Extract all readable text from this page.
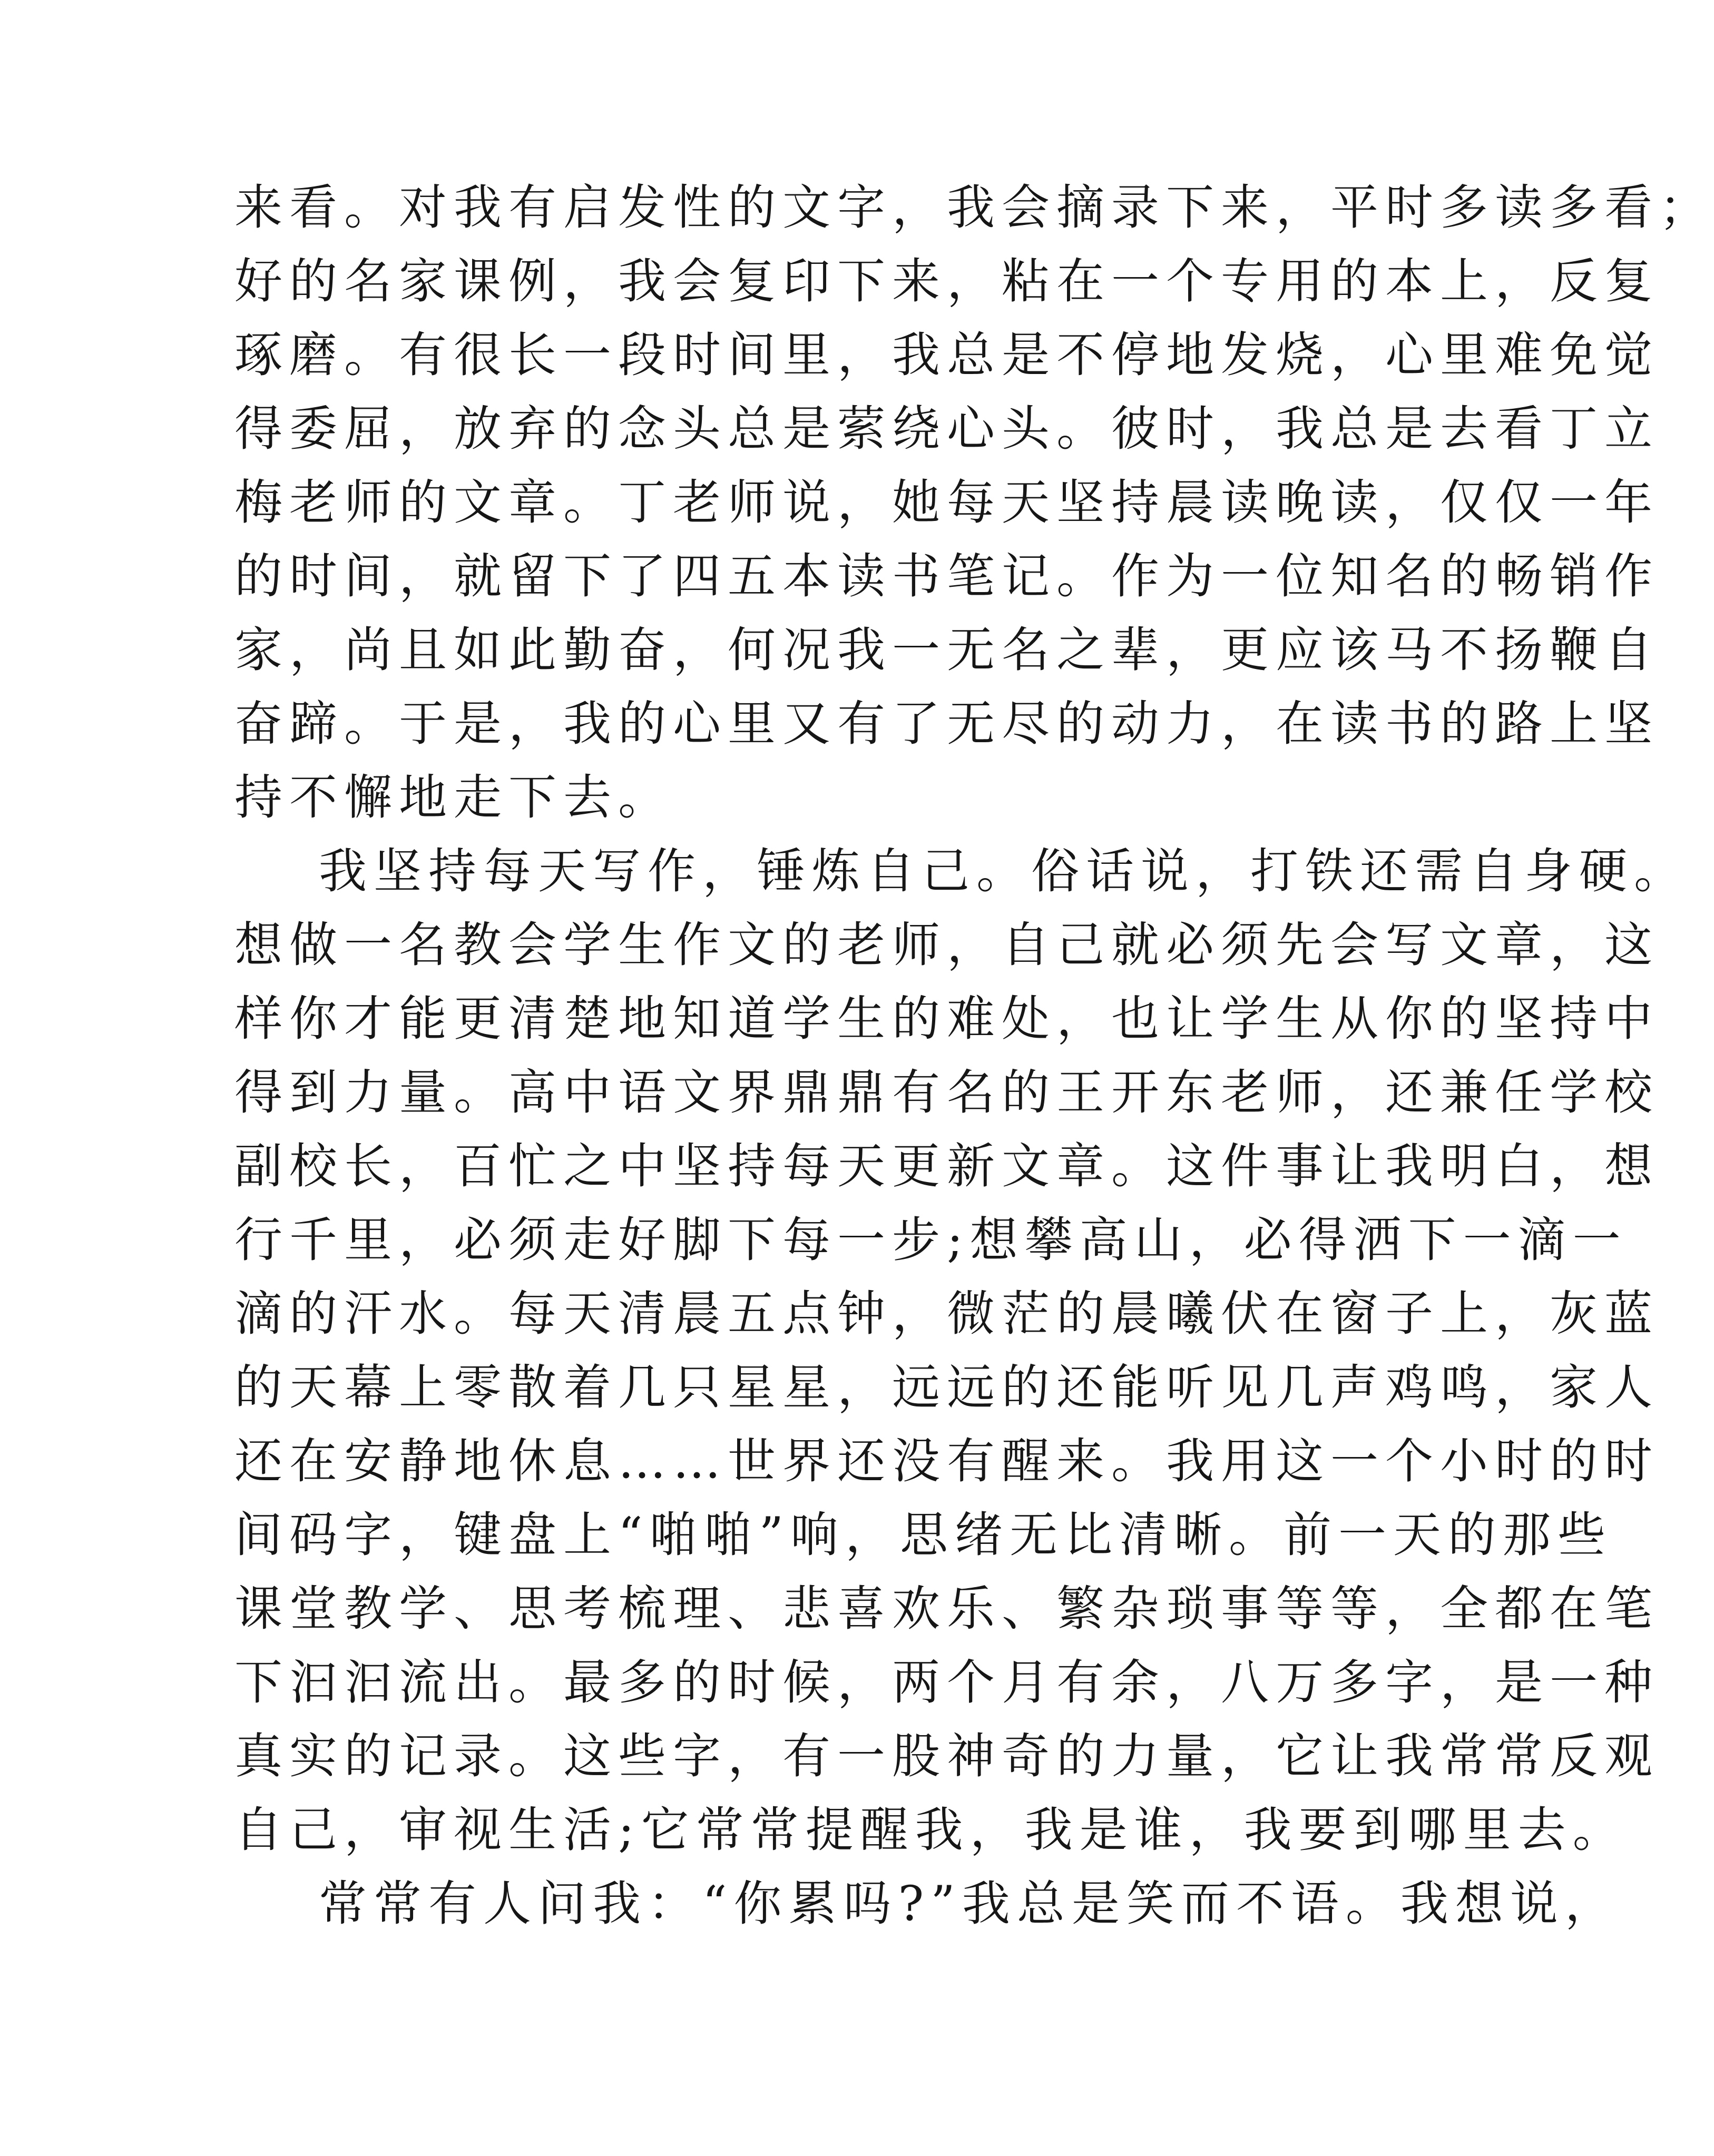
来看。对我有启发性的文字，我会摘录下来，平时多读多看；

好的名家课例，我会复印下来，粘在一个专用的本上，反复

琢磨。有很长一段时间里，我总是不停地发烧，心里难免觉

得委屈，放弃的念头总是萦绕心头。彼时，我总是去看丁立

梅老师的文章。丁老师说，她每天坚持晨读晚读，仅仅一年

的时间，就留下了四五本读书笔记。作为一位知名的畅销作

家，尚且如此勤奋，何况我一无名之辈，更应该马不扬鞭自

奋蹄。于是，我的心里又有了无尽的动力，在读书的路上坚

持不懈地走下去。

我坚持每天写作，锤炼自己。俗话说，打铁还需自身硬。

想做一名教会学生作文的老师，自己就必须先会写文章，这

样你才能更清楚地知道学生的难处，也让学生从你的坚持中

得到力量。高中语文界鼎鼎有名的王开东老师，还兼任学校

副校长，百忙之中坚持每天更新文章。这件事让我明白，想

行千里，必须走好脚下每一步;想攀高山，必得洒下一滴一

滴的汗水。每天清晨五点钟，微茫的晨曦伏在窗子上，灰蓝

的天幕上零散着几只星星，远远的还能听见几声鸡鸣，家人

还在安静地休息……世界还没有醒来。我用这一个小时的时

间码字，键盘上“啪啪”响，思绪无比清晰。前一天的那些

课堂教学、思考梳理、悲喜欢乐、繁杂琐事等等，全都在笔

下汩汩流出。最多的时候，两个月有余，八万多字，是一种

真实的记录。这些字，有一股神奇的力量，它让我常常反观

自己，审视生活;它常常提醒我，我是谁，我要到哪里去。

常常有人问我：“你累吗?”我总是笑而不语。我想说，
